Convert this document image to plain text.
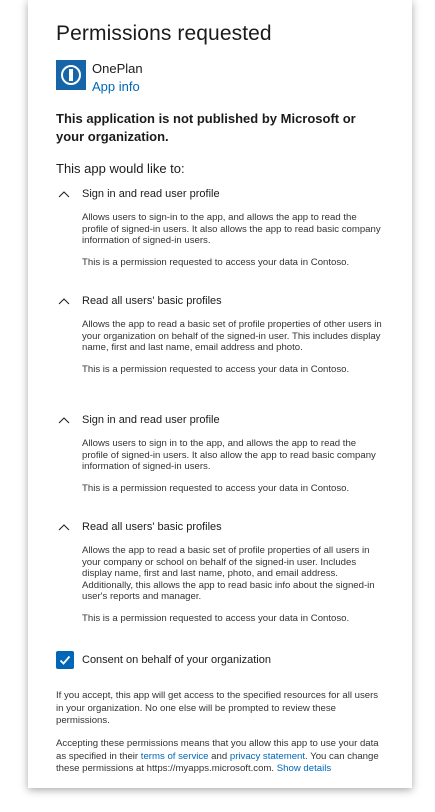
Permissions requested
OnePlan
App info
This application is not published by Microsoft or your organization.
This app would like to:
Sign in and read user profile
Allows users to sign-in to the app, and allows the app to read the profile of signed-in users. It also allows the app to read basic company information of signed-in users.
This is a permission requested to access your data in Contoso.
Read all users' basic profiles
Allows the app to read a basic set of profile properties of other users in your organization on behalf of the signed-in user. This includes display name, first and last name, email address and photo.
This is a permission requested to access your data in Contoso.
Sign in and read user profile
Allows users to sign in to the app, and allows the app to read the profile of signed-in users. It also allow the app to read basic company information of signed-in users.
This is a permission requested to access your data in Contoso.
Read all users' basic profiles
Allows the app to read a basic set of profile properties of all users in your company or school on behalf of the signed-in user. Includes display name, first and last name, photo, and email address. Additionally, this allows the app to read basic info about the signed-in user's reports and manager.
This is a permission requested to access your data in Contoso.
Consent on behalf of your organization
If you accept, this app will get access to the specified resources for all users in your organization. No one else will be prompted to review these permissions.
Accepting these permissions means that you allow this app to use your data as specified in their terms of service and privacy statement. You can change these permissions at https://myapps.microsoft.com. Show details
